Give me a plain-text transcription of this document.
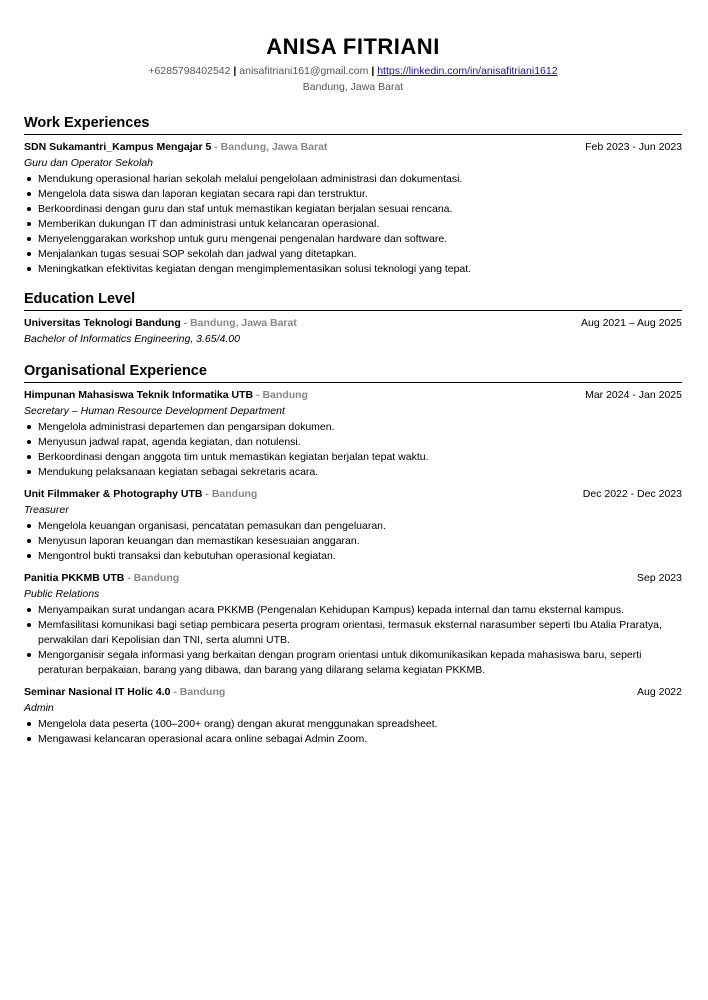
ANISA FITRIANI
+6285798402542 | anisafitriani161@gmail.com | https://linkedin.com/in/anisafitriani1612
Bandung, Jawa Barat
Work Experiences
SDN Sukamantri_Kampus Mengajar 5 - Bandung, Jawa Barat	Feb 2023 - Jun 2023
Guru dan Operator Sekolah
Mendukung operasional harian sekolah melalui pengelolaan administrasi dan dokumentasi.
Mengelola data siswa dan laporan kegiatan secara rapi dan terstruktur.
Berkoordinasi dengan guru dan staf untuk memastikan kegiatan berjalan sesuai rencana.
Memberikan dukungan IT dan administrasi untuk kelancaran operasional.
Menyelenggarakan workshop untuk guru mengenai pengenalan hardware dan software.
Menjalankan tugas sesuai SOP sekolah dan jadwal yang ditetapkan.
Meningkatkan efektivitas kegiatan dengan mengimplementasikan solusi teknologi yang tepat.
Education Level
Universitas Teknologi Bandung - Bandung, Jawa Barat	Aug 2021 – Aug 2025
Bachelor of Informatics Engineering, 3.65/4.00
Organisational Experience
Himpunan Mahasiswa Teknik Informatika UTB - Bandung	Mar 2024 - Jan 2025
Secretary – Human Resource Development Department
Mengelola administrasi departemen dan pengarsipan dokumen.
Menyusun jadwal rapat, agenda kegiatan, dan notulensi.
Berkoordinasi dengan anggota tim untuk memastikan kegiatan berjalan tepat waktu.
Mendukung pelaksanaan kegiatan sebagai sekretaris acara.
Unit Filmmaker & Photography UTB - Bandung	Dec 2022 - Dec 2023
Treasurer
Mengelola keuangan organisasi, pencatatan pemasukan dan pengeluaran.
Menyusun laporan keuangan dan memastikan kesesuaian anggaran.
Mengontrol bukti transaksi dan kebutuhan operasional kegiatan.
Panitia PKKMB UTB - Bandung	Sep 2023
Public Relations
Menyampaikan surat undangan acara PKKMB (Pengenalan Kehidupan Kampus) kepada internal dan tamu eksternal kampus.
Memfasilitasi komunikasi bagi setiap pembicara peserta program orientasi, termasuk eksternal narasumber seperti Ibu Atalia Praratya, perwakilan dari Kepolisian dan TNI, serta alumni UTB.
Mengorganisir segala informasi yang berkaitan dengan program orientasi untuk dikomunikasikan kepada mahasiswa baru, seperti peraturan berpakaian, barang yang dibawa, dan barang yang dilarang selama kegiatan PKKMB.
Seminar Nasional IT Holic 4.0 - Bandung	Aug 2022
Admin
Mengelola data peserta (100–200+ orang) dengan akurat menggunakan spreadsheet.
Mengawasi kelancaran operasional acara online sebagai Admin Zoom.
